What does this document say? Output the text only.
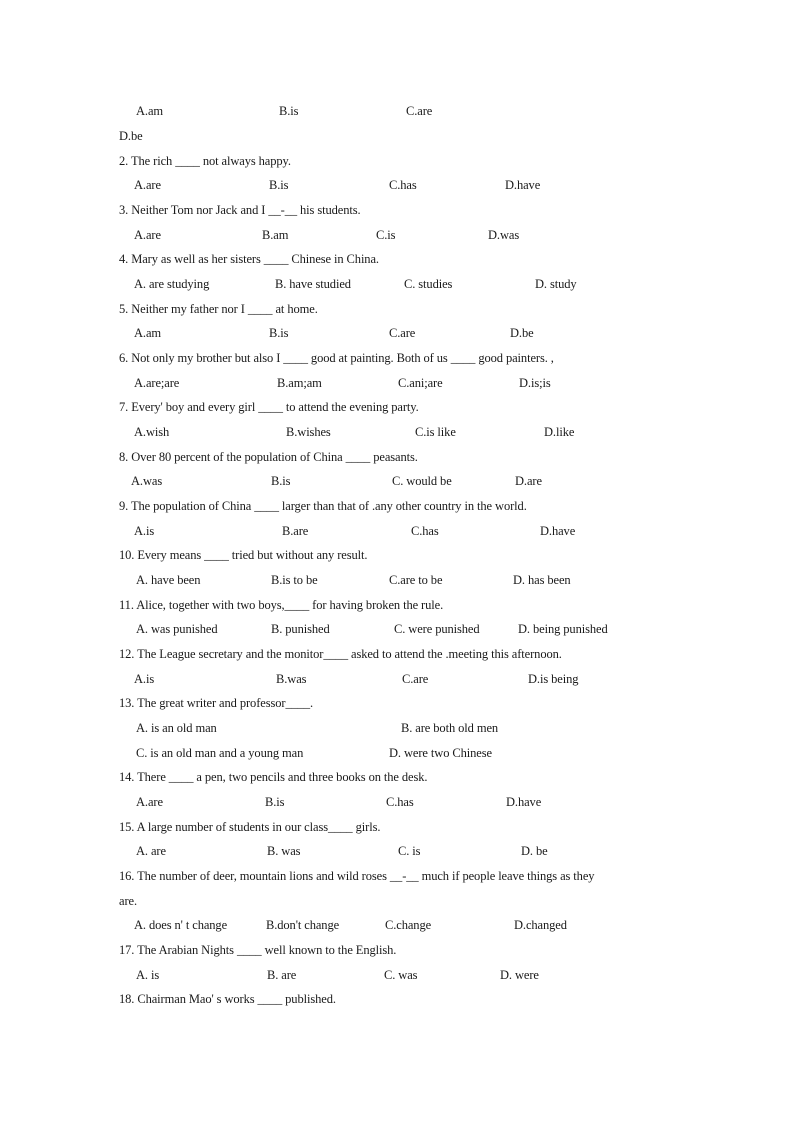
A.am	B.is	C.are
D.be
2. The rich ____ not always happy.
A.are	B.is	C.has	D.have
3. Neither Tom nor Jack and I __-__ his students.
A.are	B.am	C.is	D.was
4. Mary as well as her sisters ____ Chinese in China.
A. are studying	B. have studied	C. studies	D. study
5. Neither my father nor I ____ at home.
A.am	B.is	C.are	D.be
6. Not only my brother but also I ____ good at painting. Both of us ____ good painters. ,
A.are;are	B.am;am	C.ani;are	D.is;is
7. Every' boy and every girl ____ to attend the evening party.
A.wish	B.wishes	C.is like	D.like
8. Over 80 percent of the population of China ____ peasants.
A.was	B.is	C. would be	D.are
9. The population of China ____ larger than that of .any other country in the world.
A.is	B.are	C.has	D.have
10. Every means ____ tried but without any result.
A. have been	B.is to be	C.are to be	D. has been
11. Alice, together with two boys,____ for having broken the rule.
A. was punished	B. punished	C. were punished	D. being punished
12. The League secretary and the monitor____ asked to attend the .meeting this afternoon.
A.is	B.was	C.are	D.is being
13. The great writer and professor____.
A. is an old man	B. are both old men
C. is an old man and a young man	D. were two Chinese
14. There ____ a pen, two pencils and three books on the desk.
A.are	B.is	C.has	D.have
15. A large number of students in our class____ girls.
A. are	B. was	C. is	D. be
16. The number of deer, mountain lions and wild roses __-__ much if people leave things as they
are.
A. does n' t change	B.don't change	C.change	D.changed
17. The Arabian Nights ____ well known to the English.
A. is	B. are	C. was	D. were
18. Chairman Mao' s works ____ published.
